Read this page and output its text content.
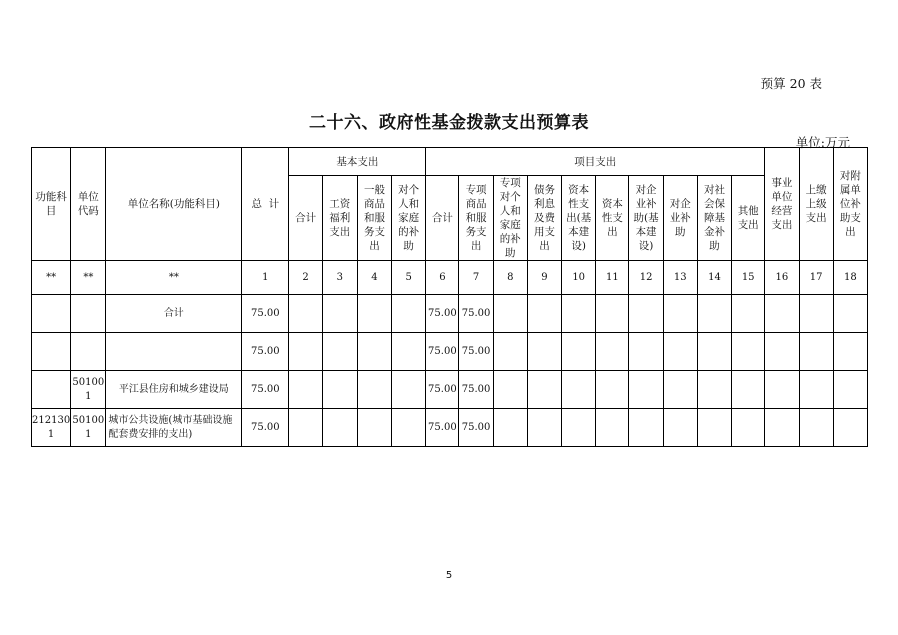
预算 20 表
二十六、政府性基金拨款支出预算表
单位:万元
功能科目	单位代码	单位名称(功能科目)	总  计	基本支出				项目支出										事业单位经营支出	上缴上级支出	对附属单位补助支出
				合计	工资福利支出	一般商品和服务支出	对个人和家庭的补助	合计	专项商品和服务支出	专项对个人和家庭的补助	债务利息及费用支出	资本性支出(基本建设)	资本性支出	对企业补助(基本建设)	对企业补助	对社会保障基金补助	其他支出			
**	**	**	1	2	3	4	5	6	7	8	9	10	11	12	13	14	15	16	17	18
		合计	75.00					75.00	75.00											
			75.00					75.00	75.00											
	501001	平江县住房和城乡建设局	75.00					75.00	75.00											
2121301	501001	城市公共设施(城市基础设施配套费安排的支出)	75.00					75.00	75.00											
5
